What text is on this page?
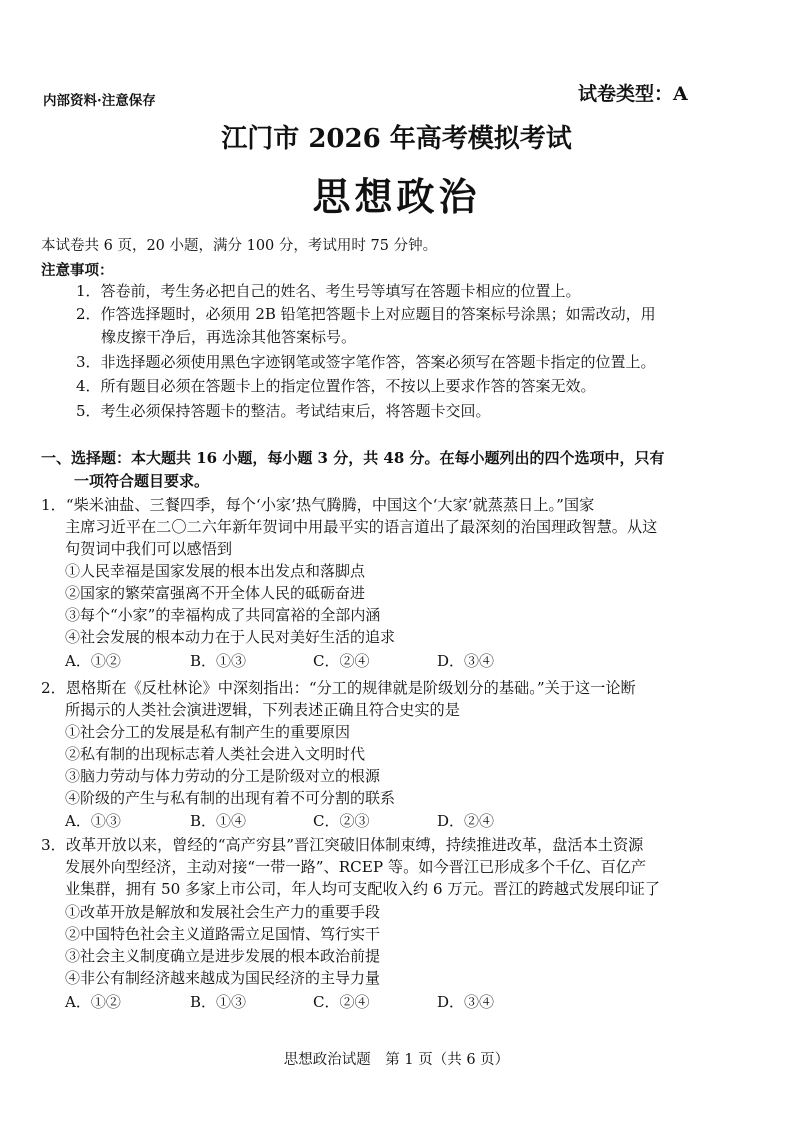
内部资料·注意保存	试卷类型：A
江门市 2026 年高考模拟考试
思想政治
本试卷共 6 页，20 小题，满分 100 分，考试用时 75 分钟。
注意事项：
1．答卷前，考生务必把自己的姓名、考生号等填写在答题卡相应的位置上。
2．作答选择题时，必须用 2B 铅笔把答题卡上对应题目的答案标号涂黑；如需改动，用
橡皮擦干净后，再选涂其他答案标号。
3．非选择题必须使用黑色字迹钢笔或签字笔作答，答案必须写在答题卡指定的位置上。
4．所有题目必须在答题卡上的指定位置作答，不按以上要求作答的答案无效。
5．考生必须保持答题卡的整洁。考试结束后，将答题卡交回。
一、选择题：本大题共 16 小题，每小题 3 分，共 48 分。在每小题列出的四个选项中，只有
一项符合题目要求。
1．“柴米油盐、三餐四季，每个‘小家’热气腾腾，中国这个‘大家’就蒸蒸日上。”国家
主席习近平在二〇二六年新年贺词中用最平实的语言道出了最深刻的治国理政智慧。从这
句贺词中我们可以感悟到
①人民幸福是国家发展的根本出发点和落脚点
②国家的繁荣富强离不开全体人民的砥砺奋进
③每个“小家”的幸福构成了共同富裕的全部内涵
④社会发展的根本动力在于人民对美好生活的追求
A．①②	B．①③	C．②④	D．③④
2．恩格斯在《反杜林论》中深刻指出：“分工的规律就是阶级划分的基础。”关于这一论断
所揭示的人类社会演进逻辑，下列表述正确且符合史实的是
①社会分工的发展是私有制产生的重要原因
②私有制的出现标志着人类社会进入文明时代
③脑力劳动与体力劳动的分工是阶级对立的根源
④阶级的产生与私有制的出现有着不可分割的联系
A．①③	B．①④	C．②③	D．②④
3．改革开放以来，曾经的“高产穷县”晋江突破旧体制束缚，持续推进改革，盘活本土资源
发展外向型经济，主动对接“一带一路”、RCEP 等。如今晋江已形成多个千亿、百亿产
业集群，拥有 50 多家上市公司，年人均可支配收入约 6 万元。晋江的跨越式发展印证了
①改革开放是解放和发展社会生产力的重要手段
②中国特色社会主义道路需立足国情、笃行实干
③社会主义制度确立是进步发展的根本政治前提
④非公有制经济越来越成为国民经济的主导力量
A．①②	B．①③	C．②④	D．③④
思想政治试题　第 1 页（共 6 页）
